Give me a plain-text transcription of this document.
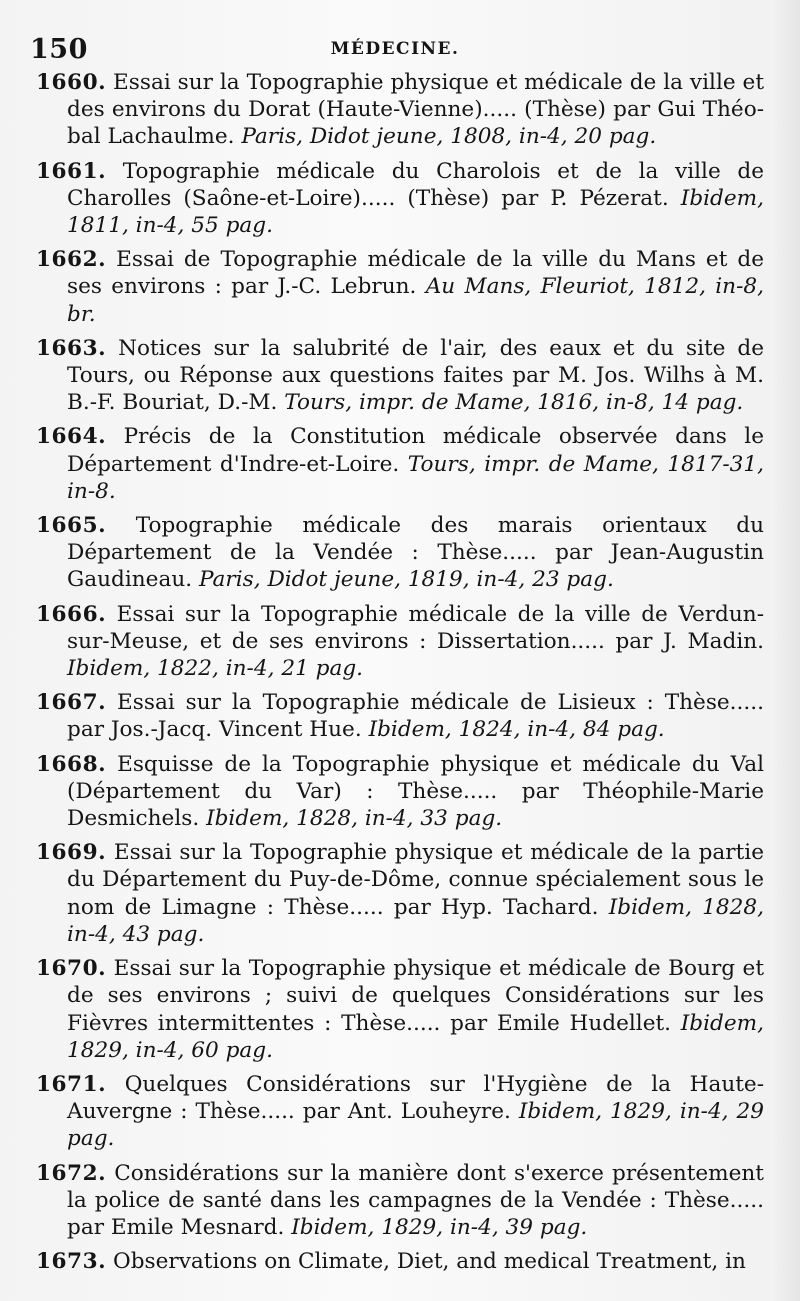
150	MÉDECINE.

1660. Essai sur la Topographie physique et médicale de la ville et des environs du Dorat (Haute-Vienne)..... (Thèse) par Gui Théo- bal Lachaulme. Paris, Didot jeune, 1808, in-4, 20 pag.

1661. Topographie médicale du Charolois et de la ville de Charolles (Saône-et-Loire)..... (Thèse) par P. Pézerat. Ibidem, 1811, in-4, 55 pag.

1662. Essai de Topographie médicale de la ville du Mans et de ses environs : par J.-C. Lebrun. Au Mans, Fleuriot, 1812, in-8, br.

1663. Notices sur la salubrité de l'air, des eaux et du site de Tours, ou Réponse aux questions faites par M. Jos. Wilhs à M. B.-F. Bouriat, D.-M. Tours, impr. de Mame, 1816, in-8, 14 pag.

1664. Précis de la Constitution médicale observée dans le Département d'Indre-et-Loire. Tours, impr. de Mame, 1817-31, in-8.

1665. Topographie médicale des marais orientaux du Département de la Vendée : Thèse..... par Jean-Augustin Gaudineau. Paris, Didot jeune, 1819, in-4, 23 pag.

1666. Essai sur la Topographie médicale de la ville de Verdun-sur-Meuse, et de ses environs : Dissertation..... par J. Madin. Ibidem, 1822, in-4, 21 pag.

1667. Essai sur la Topographie médicale de Lisieux : Thèse..... par Jos.-Jacq. Vincent Hue. Ibidem, 1824, in-4, 84 pag.

1668. Esquisse de la Topographie physique et médicale du Val (Département du Var) : Thèse..... par Théophile-Marie Desmichels. Ibidem, 1828, in-4, 33 pag.

1669. Essai sur la Topographie physique et médicale de la partie du Département du Puy-de-Dôme, connue spécialement sous le nom de Limagne : Thèse..... par Hyp. Tachard. Ibidem, 1828, in-4, 43 pag.

1670. Essai sur la Topographie physique et médicale de Bourg et de ses environs ; suivi de quelques Considérations sur les Fièvres intermittentes : Thèse..... par Emile Hudellet. Ibidem, 1829, in-4, 60 pag.

1671. Quelques Considérations sur l'Hygiène de la Haute-Auvergne : Thèse..... par Ant. Louheyre. Ibidem, 1829, in-4, 29 pag.

1672. Considérations sur la manière dont s'exerce présentement la police de santé dans les campagnes de la Vendée : Thèse..... par Emile Mesnard. Ibidem, 1829, in-4, 39 pag.

1673. Observations on Climate, Diet, and medical Treatment, in
